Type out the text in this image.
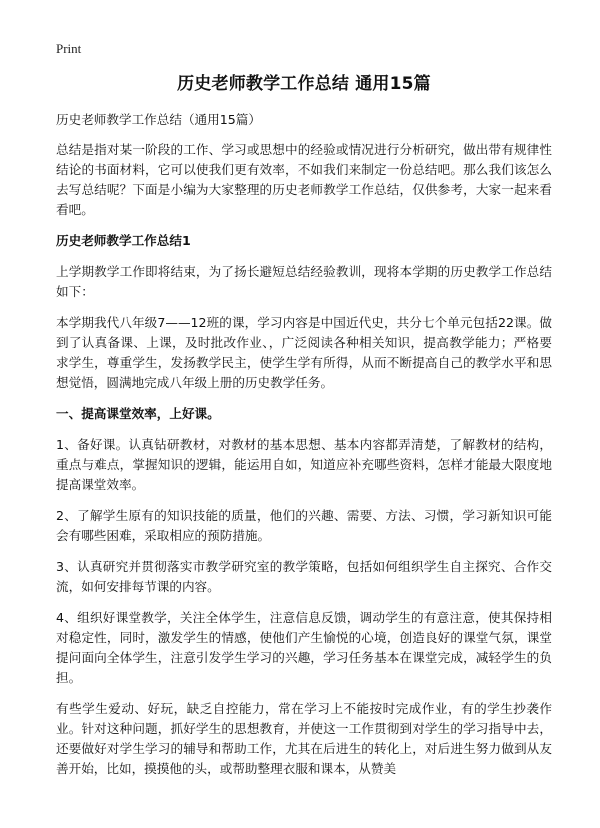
Print
历史老师教学工作总结 通用15篇

历史老师教学工作总结（通用15篇）

总结是指对某一阶段的工作、学习或思想中的经验或情况进行分析研究，做出带有规律性结论的书面材料，它可以使我们更有效率，不如我们来制定一份总结吧。那么我们该怎么去写总结呢？下面是小编为大家整理的历史老师教学工作总结，仅供参考，大家一起来看看吧。

历史老师教学工作总结1

上学期教学工作即将结束，为了扬长避短总结经验教训，现将本学期的历史教学工作总结如下：

本学期我代八年级7——12班的课，学习内容是中国近代史，共分七个单元包括22课。做到了认真备课、上课，及时批改作业、，广泛阅读各种相关知识，提高教学能力；严格要求学生，尊重学生，发扬教学民主，使学生学有所得，从而不断提高自己的教学水平和思想觉悟，圆满地完成八年级上册的历史教学任务。

一、提高课堂效率，上好课。

1、备好课。认真钻研教材，对教材的基本思想、基本内容都弄清楚，了解教材的结构，重点与难点，掌握知识的逻辑，能运用自如，知道应补充哪些资料，怎样才能最大限度地提高课堂效率。

2、了解学生原有的知识技能的质量，他们的兴趣、需要、方法、习惯，学习新知识可能会有哪些困难，采取相应的预防措施。

3、认真研究并贯彻落实市教学研究室的教学策略，包括如何组织学生自主探究、合作交流，如何安排每节课的内容。

4、组织好课堂教学，关注全体学生，注意信息反馈，调动学生的有意注意，使其保持相对稳定性，同时，激发学生的情感，使他们产生愉悦的心境，创造良好的课堂气氛，课堂提问面向全体学生，注意引发学生学习的兴趣，学习任务基本在课堂完成，减轻学生的负担。

有些学生爱动、好玩，缺乏自控能力，常在学习上不能按时完成作业，有的学生抄袭作业。针对这种问题，抓好学生的思想教育，并使这一工作贯彻到对学生的学习指导中去，还要做好对学生学习的辅导和帮助工作，尤其在后进生的转化上，对后进生努力做到从友善开始，比如，摸摸他的头，或帮助整理衣服和课本，从赞美
